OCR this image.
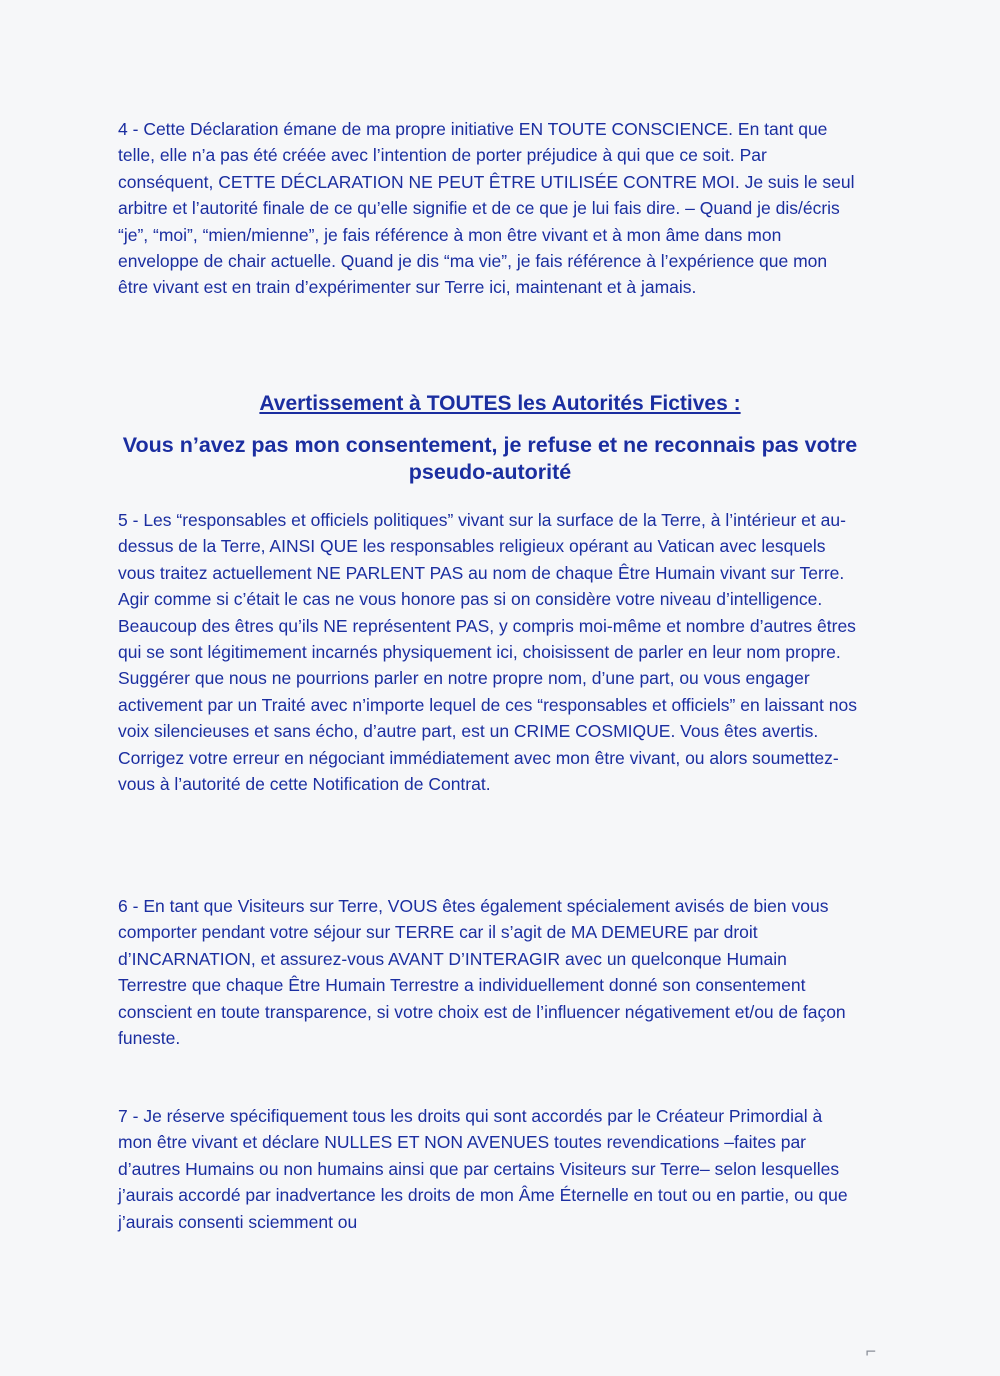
4 - Cette Déclaration émane de ma propre initiative EN TOUTE CONSCIENCE. En tant que telle, elle n’a pas été créée avec l’intention de porter préjudice à qui que ce soit. Par conséquent, CETTE DÉCLARATION NE PEUT ÊTRE UTILISÉE CONTRE MOI. Je suis le seul arbitre et l’autorité finale de ce qu’elle signifie et de ce que je lui fais dire. – Quand je dis/écris “je”, “moi”, “mien/mienne”, je fais référence à mon être vivant et à mon âme dans mon enveloppe de chair actuelle. Quand je dis “ma vie”, je fais référence à l’expérience que mon être vivant est en train d’expérimenter sur Terre ici, maintenant et à jamais.

Avertissement à TOUTES les Autorités Fictives :
Vous n’avez pas mon consentement, je refuse et ne reconnais pas votre pseudo-autorité

5 - Les “responsables et officiels politiques” vivant sur la surface de la Terre, à l’intérieur et au-dessus de la Terre, AINSI QUE les responsables religieux opérant au Vatican avec lesquels vous traitez actuellement NE PARLENT PAS au nom de chaque Être Humain vivant sur Terre. Agir comme si c’était le cas ne vous honore pas si on considère votre niveau d’intelligence. Beaucoup des êtres qu’ils NE représentent PAS, y compris moi-même et nombre d’autres êtres qui se sont légitimement incarnés physiquement ici, choisissent de parler en leur nom propre. Suggérer que nous ne pourrions parler en notre propre nom, d’une part, ou vous engager activement par un Traité avec n’importe lequel de ces “responsables et officiels” en laissant nos voix silencieuses et sans écho, d’autre part, est un CRIME COSMIQUE. Vous êtes avertis. Corrigez votre erreur en négociant immédiatement avec mon être vivant, ou alors soumettez-vous à l’autorité de cette Notification de Contrat.

6 - En tant que Visiteurs sur Terre, VOUS êtes également spécialement avisés de bien vous comporter pendant votre séjour sur TERRE car il s’agit de MA DEMEURE par droit d’INCARNATION, et assurez-vous AVANT D’INTERAGIR avec un quelconque Humain Terrestre que chaque Être Humain Terrestre a individuellement donné son consentement conscient en toute transparence, si votre choix est de l’influencer négativement et/ou de façon funeste.

7 - Je réserve spécifiquement tous les droits qui sont accordés par le Créateur Primordial à mon être vivant et déclare NULLES ET NON AVENUES toutes revendications –faites par d’autres Humains ou non humains ainsi que par certains Visiteurs sur Terre– selon lesquelles j’aurais accordé par inadvertance les droits de mon Âme Éternelle en tout ou en partie, ou que j’aurais consenti sciemment ou

⌐
